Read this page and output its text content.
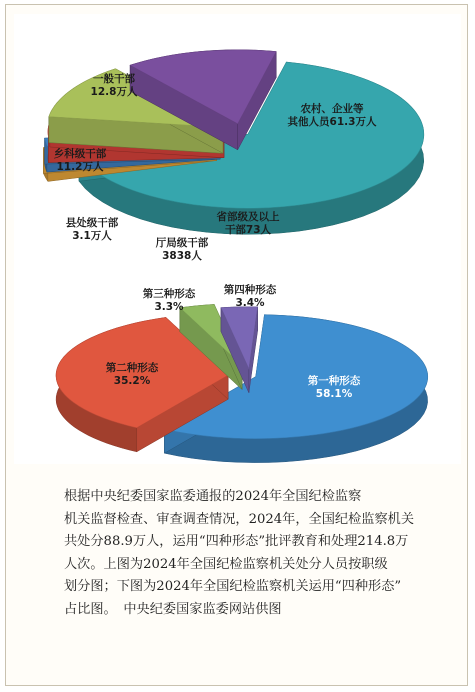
农村、企业等其他人员61.3万人
省部级及以上干部73人
厅局级干部 3838人
县处级干部 3.1万人
乡科级干部 11.2万人
一般干部 12.8万人
第一种形态 58.1%
第二种形态 35.2%
第三种形态 3.3%
第四种形态 3.4%
根据中央纪委国家监委通报的2024年全国纪检监察
机关监督检查、审查调查情况，2024年，全国纪检监察机关
共处分88.9万人，运用“四种形态”批评教育和处理214.8万
人次。上图为2024年全国纪检监察机关处分人员按职级
划分图；下图为2024年全国纪检监察机关运用“四种形态”
占比图。　中央纪委国家监委网站供图
